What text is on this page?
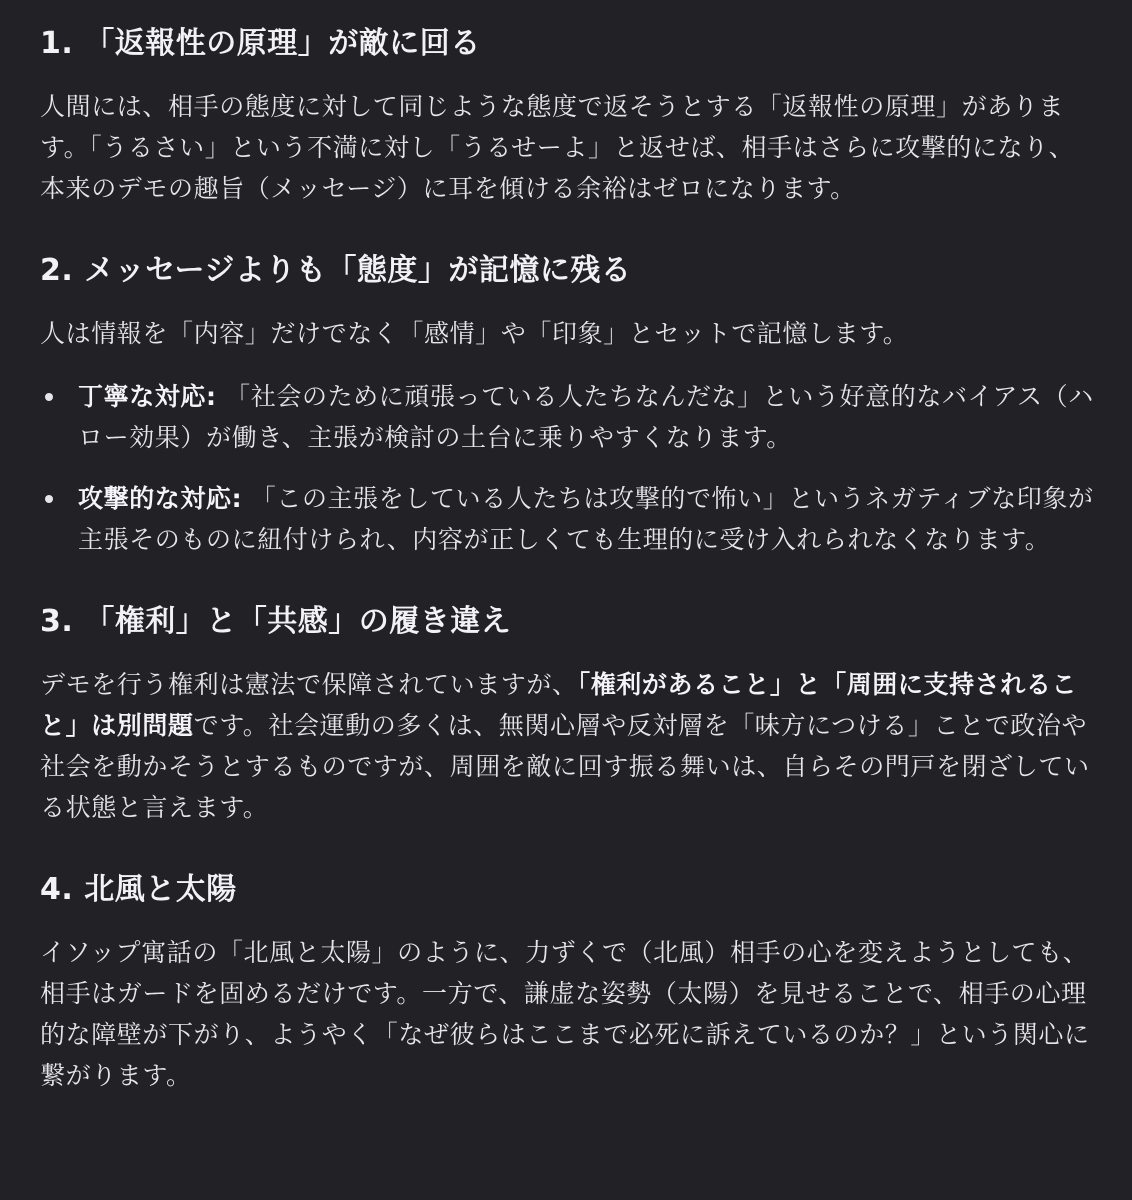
1. 「返報性の原理」が敵に回る

人間には、相手の態度に対して同じような態度で返そうとする「返報性の原理」があります。「うるさい」という不満に対し「うるせーよ」と返せば、相手はさらに攻撃的になり、本来のデモの趣旨（メッセージ）に耳を傾ける余裕はゼロになります。

2. メッセージよりも「態度」が記憶に残る

人は情報を「内容」だけでなく「感情」や「印象」とセットで記憶します。

丁寧な対応: 「社会のために頑張っている人たちなんだな」という好意的なバイアス（ハロー効果）が働き、主張が検討の土台に乗りやすくなります。
攻撃的な対応: 「この主張をしている人たちは攻撃的で怖い」というネガティブな印象が主張そのものに紐付けられ、内容が正しくても生理的に受け入れられなくなります。
3. 「権利」と「共感」の履き違え

デモを行う権利は憲法で保障されていますが、「権利があること」と「周囲に支持されること」は別問題です。社会運動の多くは、無関心層や反対層を「味方につける」ことで政治や社会を動かそうとするものですが、周囲を敵に回す振る舞いは、自らその門戸を閉ざしている状態と言えます。

4. 北風と太陽

イソップ寓話の「北風と太陽」のように、力ずくで（北風）相手の心を変えようとしても、相手はガードを固めるだけです。一方で、謙虚な姿勢（太陽）を見せることで、相手の心理的な障壁が下がり、ようやく「なぜ彼らはここまで必死に訴えているのか？」という関心に繋がります。
